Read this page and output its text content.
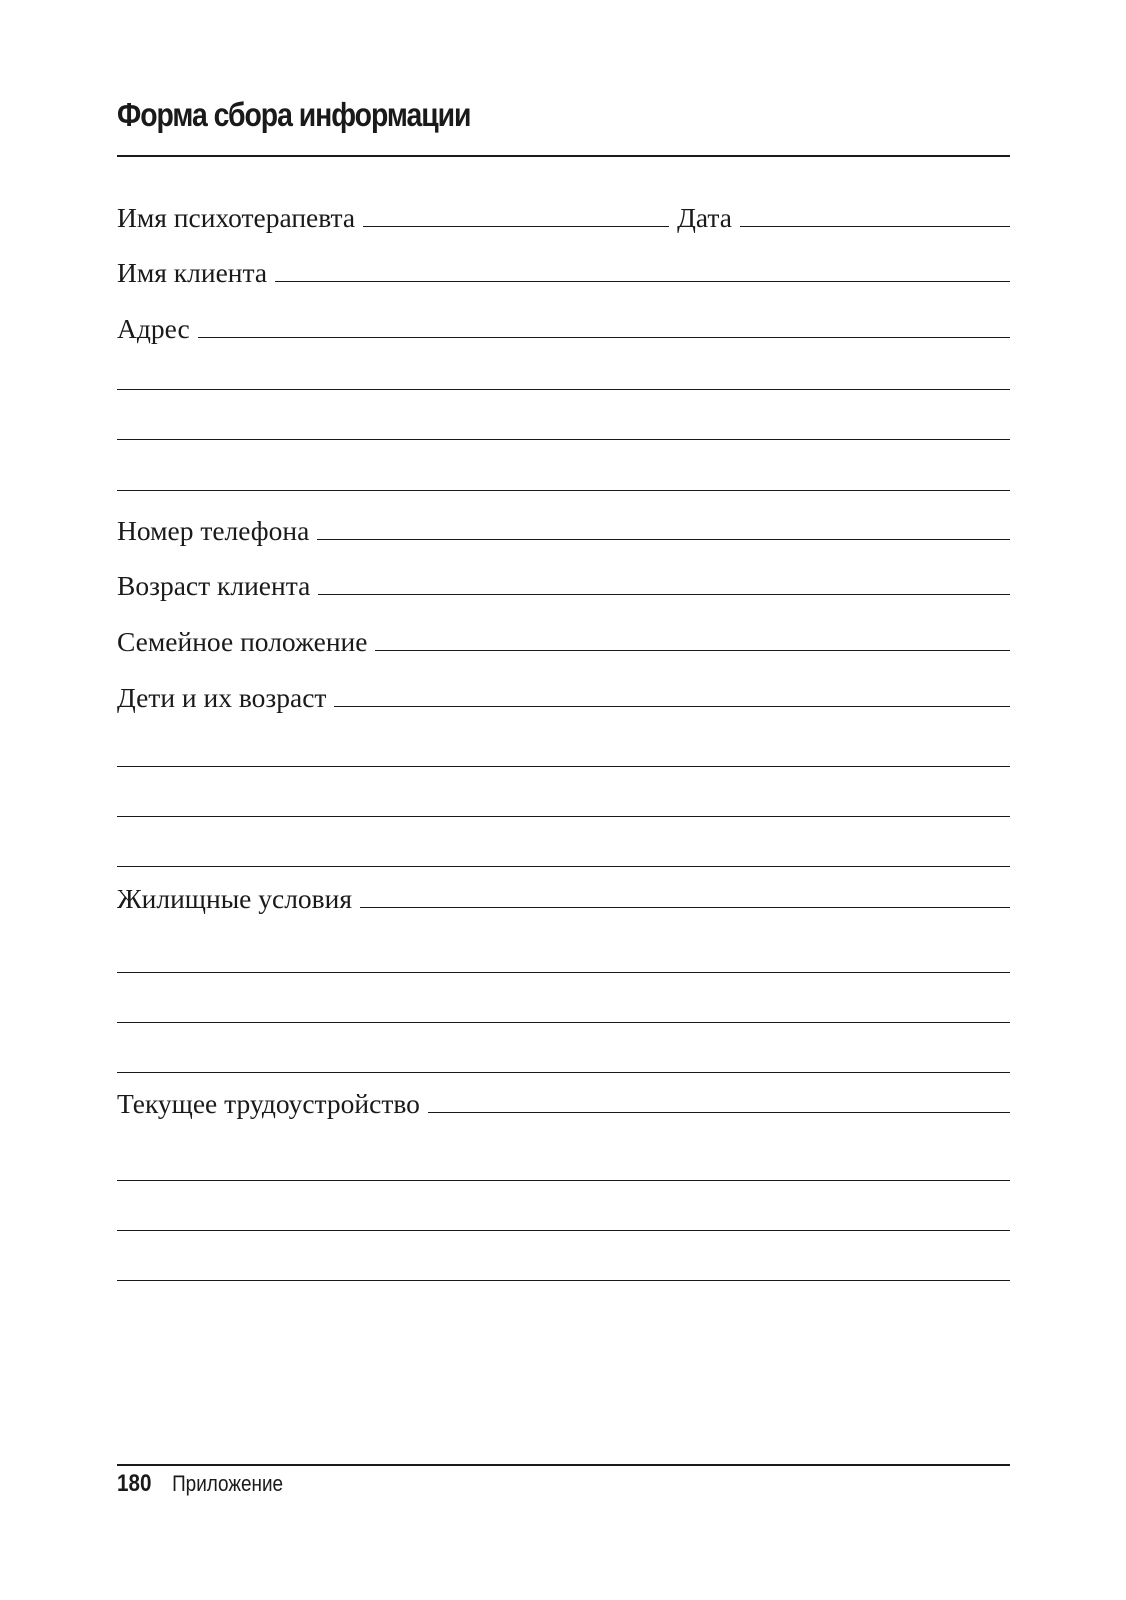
Форма сбора информации
Имя психотерапевта	Дата
Имя клиента
Адрес
Номер телефона
Возраст клиента
Семейное положение
Дети и их возраст
Жилищные условия
Текущее трудоустройство
180 Приложение
